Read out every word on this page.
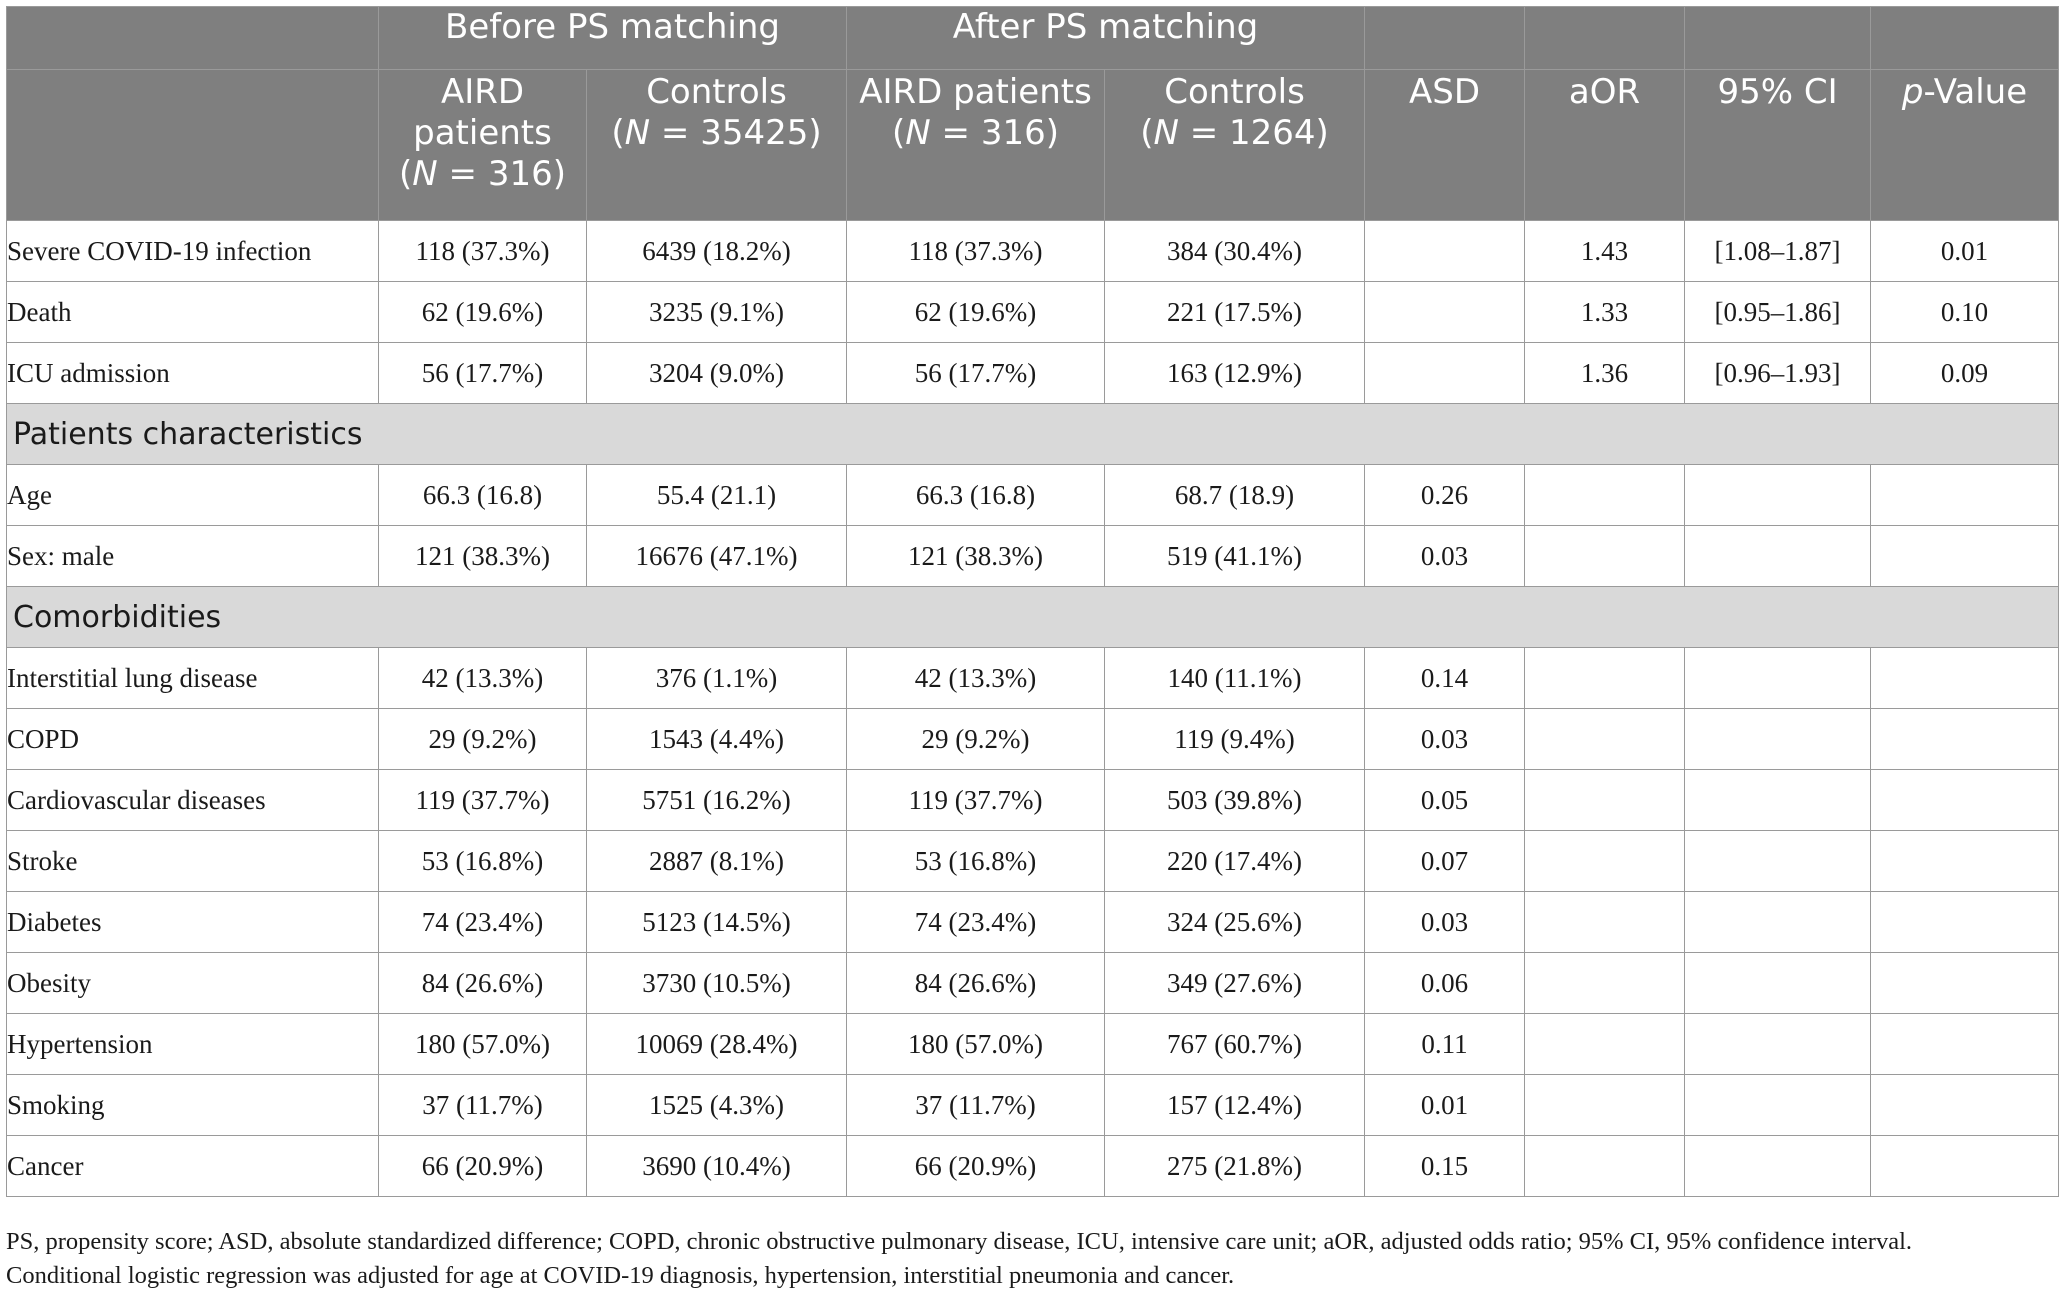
	Before PS matching		After PS matching					
	AIRD
patients
(N = 316)	Controls
(N = 35425)	AIRD patients
(N = 316)	Controls
(N = 1264)	ASD	aOR	95% CI	p-Value
Severe COVID-19 infection	118 (37.3%)	6439 (18.2%)	118 (37.3%)	384 (30.4%)		1.43	[1.08–1.87]	0.01
Death	62 (19.6%)	3235 (9.1%)	62 (19.6%)	221 (17.5%)		1.33	[0.95–1.86]	0.10
ICU admission	56 (17.7%)	3204 (9.0%)	56 (17.7%)	163 (12.9%)		1.36	[0.96–1.93]	0.09
Patients characteristics								
Age	66.3 (16.8)	55.4 (21.1)	66.3 (16.8)	68.7 (18.9)	0.26			
Sex: male	121 (38.3%)	16676 (47.1%)	121 (38.3%)	519 (41.1%)	0.03			
Comorbidities								
Interstitial lung disease	42 (13.3%)	376 (1.1%)	42 (13.3%)	140 (11.1%)	0.14			
COPD	29 (9.2%)	1543 (4.4%)	29 (9.2%)	119 (9.4%)	0.03			
Cardiovascular diseases	119 (37.7%)	5751 (16.2%)	119 (37.7%)	503 (39.8%)	0.05			
Stroke	53 (16.8%)	2887 (8.1%)	53 (16.8%)	220 (17.4%)	0.07			
Diabetes	74 (23.4%)	5123 (14.5%)	74 (23.4%)	324 (25.6%)	0.03			
Obesity	84 (26.6%)	3730 (10.5%)	84 (26.6%)	349 (27.6%)	0.06			
Hypertension	180 (57.0%)	10069 (28.4%)	180 (57.0%)	767 (60.7%)	0.11			
Smoking	37 (11.7%)	1525 (4.3%)	37 (11.7%)	157 (12.4%)	0.01			
Cancer	66 (20.9%)	3690 (10.4%)	66 (20.9%)	275 (21.8%)	0.15			

PS, propensity score; ASD, absolute standardized difference; COPD, chronic obstructive pulmonary disease, ICU, intensive care unit; aOR, adjusted odds ratio; 95% CI, 95% confidence interval.

Conditional logistic regression was adjusted for age at COVID-19 diagnosis, hypertension, interstitial pneumonia and cancer.
